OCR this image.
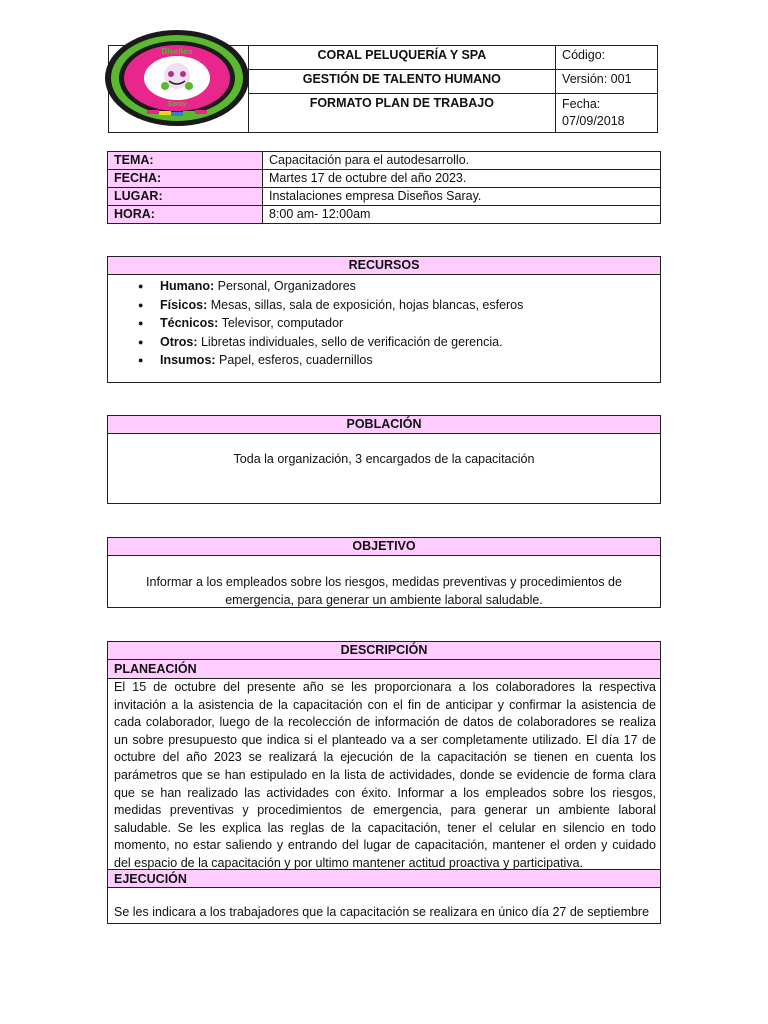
Diseños
Saray	CORAL PELUQUERÍA Y SPA	Código:
	GESTIÓN DE TALENTO HUMANO	Versión: 001
	FORMATO PLAN DE TRABAJO	Fecha:
07/09/2018
TEMA:	Capacitación para el autodesarrollo.
FECHA:	Martes 17 de octubre del año 2023.
LUGAR:	Instalaciones empresa Diseños Saray.
HORA:	8:00 am- 12:00am
RECURSOS
● Humano: Personal, Organizadores
● Físicos: Mesas, sillas, sala de exposición, hojas blancas, esferos
● Técnicos: Televisor, computador
● Otros: Libretas individuales, sello de verificación de gerencia.
● Insumos: Papel, esferos, cuadernillos
POBLACIÓN
Toda la organización, 3 encargados de la capacitación
OBJETIVO
Informar a los empleados sobre los riesgos, medidas preventivas y procedimientos de emergencia, para generar un ambiente laboral saludable.
DESCRIPCIÓN
PLANEACIÓN
El 15 de octubre del presente año se les proporcionara a los colaboradores la respectiva invitación a la asistencia de la capacitación con el fin de anticipar y confirmar la asistencia de cada colaborador, luego de la recolección de información de datos de colaboradores se realiza un sobre presupuesto que indica si el planteado va a ser completamente utilizado. El día 17 de octubre del año 2023 se realizará la ejecución de la capacitación se tienen en cuenta los parámetros que se han estipulado en la lista de actividades, donde se evidencie de forma clara que se han realizado las actividades con éxito. Informar a los empleados sobre los riesgos, medidas preventivas y procedimientos de emergencia, para generar un ambiente laboral saludable. Se les explica las reglas de la capacitación, tener el celular en silencio en todo momento, no estar saliendo y entrando del lugar de capacitación, mantener el orden y cuidado del espacio de la capacitación y por ultimo mantener actitud proactiva y participativa.
EJECUCIÓN
Se les indicara a los trabajadores que la capacitación se realizara en único día 27 de septiembre
